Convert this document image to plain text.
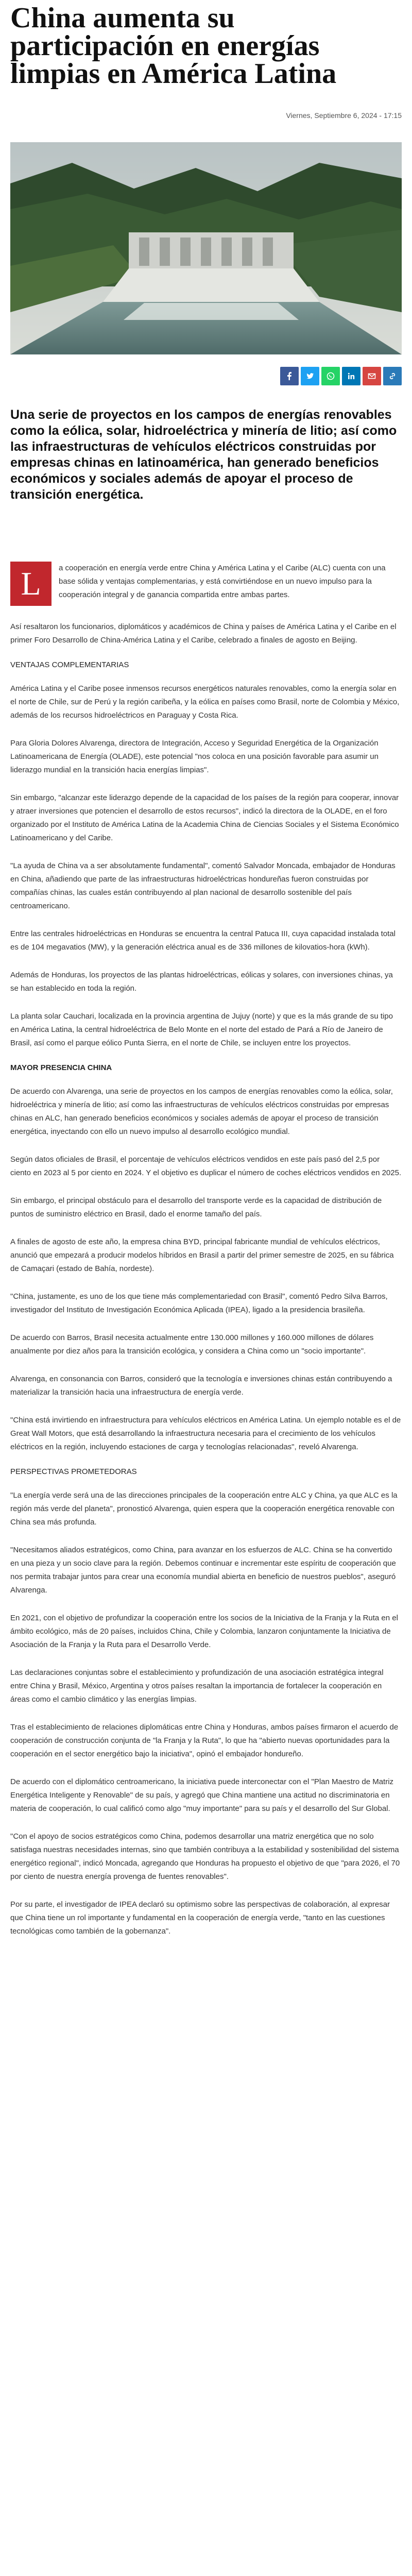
China aumenta su participación en energías limpias en América Latina
Viernes, Septiembre 6, 2024 - 17:15

Una serie de proyectos en los campos de energías renovables como la eólica, solar, hidroeléctrica y minería de litio; así como las infraestructuras de vehículos eléctricos construidas por empresas chinas en latinoamérica, han generado beneficios económicos y sociales además de apoyar el proceso de transición energética.

L	a cooperación en energía verde entre China y América Latina y el Caribe (ALC) cuenta con una base sólida y ventajas complementarias, y está convirtiéndose en un nuevo impulso para la cooperación integral y de ganancia compartida entre ambas partes.

Así resaltaron los funcionarios, diplomáticos y académicos de China y países de América Latina y el Caribe en el primer Foro Desarrollo de China-América Latina y el Caribe, celebrado a finales de agosto en Beijing.

VENTAJAS COMPLEMENTARIAS

América Latina y el Caribe posee inmensos recursos energéticos naturales renovables, como la energía solar en el norte de Chile, sur de Perú y la región caribeña, y la eólica en países como Brasil, norte de Colombia y México, además de los recursos hidroeléctricos en Paraguay y Costa Rica.

Para Gloria Dolores Alvarenga, directora de Integración, Acceso y Seguridad Energética de la Organización Latinoamericana de Energía (OLADE), este potencial "nos coloca en una posición favorable para asumir un liderazgo mundial en la transición hacia energías limpias".

Sin embargo, "alcanzar este liderazgo depende de la capacidad de los países de la región para cooperar, innovar y atraer inversiones que potencien el desarrollo de estos recursos", indicó la directora de la OLADE, en el foro organizado por el Instituto de América Latina de la Academia China de Ciencias Sociales y el Sistema Económico Latinoamericano y del Caribe.

"La ayuda de China va a ser absolutamente fundamental", comentó Salvador Moncada, embajador de Honduras en China, añadiendo que parte de las infraestructuras hidroeléctricas hondureñas fueron construidas por compañías chinas, las cuales están contribuyendo al plan nacional de desarrollo sostenible del país centroamericano.

Entre las centrales hidroeléctricas en Honduras se encuentra la central Patuca III, cuya capacidad instalada total es de 104 megavatios (MW), y la generación eléctrica anual es de 336 millones de kilovatios-hora (kWh).

Además de Honduras, los proyectos de las plantas hidroeléctricas, eólicas y solares, con inversiones chinas, ya se han establecido en toda la región.

La planta solar Cauchari, localizada en la provincia argentina de Jujuy (norte) y que es la más grande de su tipo en América Latina, la central hidroeléctrica de Belo Monte en el norte del estado de Pará a Río de Janeiro de Brasil, así como el parque eólico Punta Sierra, en el norte de Chile, se incluyen entre los proyectos.

MAYOR PRESENCIA CHINA

De acuerdo con Alvarenga, una serie de proyectos en los campos de energías renovables como la eólica, solar, hidroeléctrica y minería de litio; así como las infraestructuras de vehículos eléctricos construidas por empresas chinas en ALC, han generado beneficios económicos y sociales además de apoyar el proceso de transición energética, inyectando con ello un nuevo impulso al desarrollo ecológico mundial.

Según datos oficiales de Brasil, el porcentaje de vehículos eléctricos vendidos en este país pasó del 2,5 por ciento en 2023 al 5 por ciento en 2024. Y el objetivo es duplicar el número de coches eléctricos vendidos en 2025.

Sin embargo, el principal obstáculo para el desarrollo del transporte verde es la capacidad de distribución de puntos de suministro eléctrico en Brasil, dado el enorme tamaño del país.

A finales de agosto de este año, la empresa china BYD, principal fabricante mundial de vehículos eléctricos, anunció que empezará a producir modelos híbridos en Brasil a partir del primer semestre de 2025, en su fábrica de Camaçari (estado de Bahía, nordeste).

"China, justamente, es uno de los que tiene más complementariedad con Brasil", comentó Pedro Silva Barros, investigador del Instituto de Investigación Económica Aplicada (IPEA), ligado a la presidencia brasileña.

De acuerdo con Barros, Brasil necesita actualmente entre 130.000 millones y 160.000 millones de dólares anualmente por diez años para la transición ecológica, y considera a China como un "socio importante".

Alvarenga, en consonancia con Barros, consideró que la tecnología e inversiones chinas están contribuyendo a materializar la transición hacia una infraestructura de energía verde.

"China está invirtiendo en infraestructura para vehículos eléctricos en América Latina. Un ejemplo notable es el de Great Wall Motors, que está desarrollando la infraestructura necesaria para el crecimiento de los vehículos eléctricos en la región, incluyendo estaciones de carga y tecnologías relacionadas", reveló Alvarenga.

PERSPECTIVAS PROMETEDORAS

"La energía verde será una de las direcciones principales de la cooperación entre ALC y China, ya que ALC es la región más verde del planeta", pronosticó Alvarenga, quien espera que la cooperación energética renovable con China sea más profunda.

"Necesitamos aliados estratégicos, como China, para avanzar en los esfuerzos de ALC. China se ha convertido en una pieza y un socio clave para la región. Debemos continuar e incrementar este espíritu de cooperación que nos permita trabajar juntos para crear una economía mundial abierta en beneficio de nuestros pueblos", aseguró Alvarenga.

En 2021, con el objetivo de profundizar la cooperación entre los socios de la Iniciativa de la Franja y la Ruta en el ámbito ecológico, más de 20 países, incluidos China, Chile y Colombia, lanzaron conjuntamente la Iniciativa de Asociación de la Franja y la Ruta para el Desarrollo Verde.

Las declaraciones conjuntas sobre el establecimiento y profundización de una asociación estratégica integral entre China y Brasil, México, Argentina y otros países resaltan la importancia de fortalecer la cooperación en áreas como el cambio climático y las energías limpias.

Tras el establecimiento de relaciones diplomáticas entre China y Honduras, ambos países firmaron el acuerdo de cooperación de construcción conjunta de "la Franja y la Ruta", lo que ha "abierto nuevas oportunidades para la cooperación en el sector energético bajo la iniciativa", opinó el embajador hondureño.

De acuerdo con el diplomático centroamericano, la iniciativa puede interconectar con el "Plan Maestro de Matriz Energética Inteligente y Renovable" de su país, y agregó que China mantiene una actitud no discriminatoria en materia de cooperación, lo cual calificó como algo "muy importante" para su país y el desarrollo del Sur Global.

"Con el apoyo de socios estratégicos como China, podemos desarrollar una matriz energética que no solo satisfaga nuestras necesidades internas, sino que también contribuya a la estabilidad y sostenibilidad del sistema energético regional", indicó Moncada, agregando que Honduras ha propuesto el objetivo de que "para 2026, el 70 por ciento de nuestra energía provenga de fuentes renovables".

Por su parte, el investigador de IPEA declaró su optimismo sobre las perspectivas de colaboración, al expresar que China tiene un rol importante y fundamental en la cooperación de energía verde, "tanto en las cuestiones tecnológicas como también de la gobernanza".
